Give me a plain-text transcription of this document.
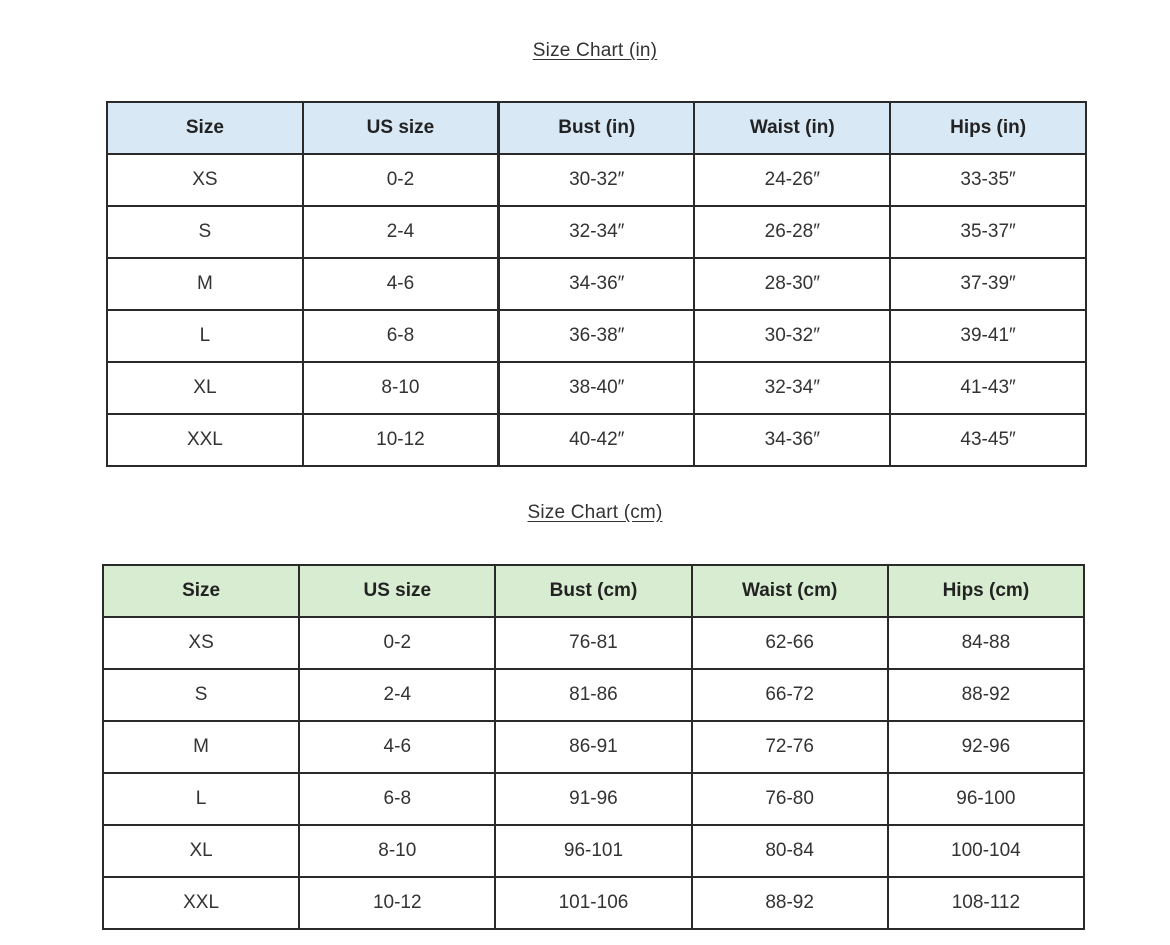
Size Chart (in)
Size	US size	Bust (in)	Waist (in)	Hips (in)
XS	0-2	30-32″	24-26″	33-35″
S	2-4	32-34″	26-28″	35-37″
M	4-6	34-36″	28-30″	37-39″
L	6-8	36-38″	30-32″	39-41″
XL	8-10	38-40″	32-34″	41-43″
XXL	10-12	40-42″	34-36″	43-45″
Size Chart (cm)
Size	US size	Bust (cm)	Waist (cm)	Hips (cm)
XS	0-2	76-81	62-66	84-88
S	2-4	81-86	66-72	88-92
M	4-6	86-91	72-76	92-96
L	6-8	91-96	76-80	96-100
XL	8-10	96-101	80-84	100-104
XXL	10-12	101-106	88-92	108-112
